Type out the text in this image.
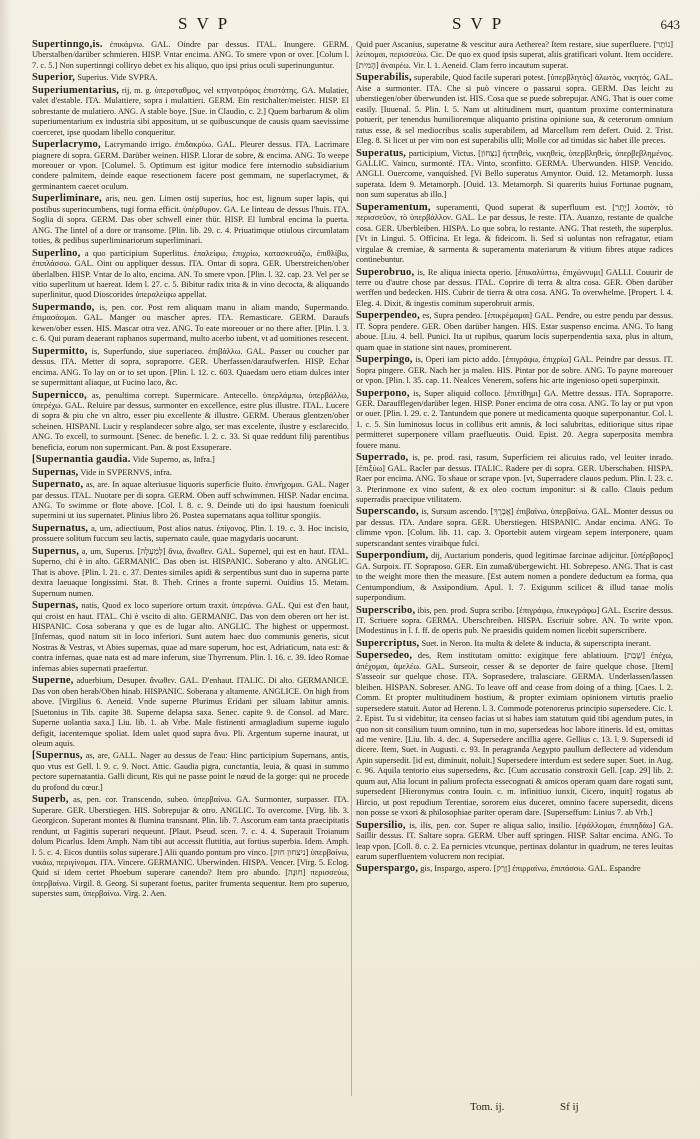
SVP	SVP	643

Supertinngo,is. ἐπικάμνω. GAL. Oindre par dessus. ITAL. Inungere. GERM. Uberstalben/darüber schmieren. HISP. Vntar encima. ANG. To smere vpon or over. [Colum l. 7. c. 5.] Non supertinngi colliryo debet ex his aliquo, quo ipsi prius oculi superinunguntur.

Superior, Superius. Vide SVPRA.

Superiumentarius, rij, m. g. ὑπερσταθμος, vel κτηνοτρόφος ἐπιστάτης. GA. Mulatier, valet d'estable. ITA. Mulattiere, sopra i mulattieri. GERM. Ein restchalter/meister. HISP. El sobrestante de mulatiero. ANG. A stable boye. [Sue. in Claudio, c. 2.] Quem barbarum & olim superiumentarium ex industria sibi appositum, ut se quibuscunque de causis quam saevissime coerceret, ipse quodam libello conqueritur.

Superlacrymo, Lacrymando irrigo. ἐπιδακρύω. GAL. Pleurer dessus. ITA. Lacrimare piagnere di sopra. GERM. Darüber weinen. HISP. Llorar de sobre, & encima. ANG. To weepe moreouer or vpon. [Columel. 5. Optimum est igitur modice fere internodio subsidiarium condere palmitem, deinde eaque resectionem facere post gemmam, ne superlacrymet, & germinantem caecet oculum.

Superliminare, aris, neu. gen. Limen ostij superius, hoc est, lignum super lapis, qui postibus superincumbens, tugi forma efficit. ὑπέρθυρον. GA. Le linteau de dessus l'huis. ITA. Soglia di sopra. GERM. Das ober schwell einer thür. HISP. El lumbral encima la puerta. ANG. The lintel of a dore or transome. [Plin. lib. 29. c. 4. Priuatimque otiulous circumlatam toties, & pedibus superliminariorum superliminari.

Superlino, a quo participium Superlitus. ἐπαλείφω, ἐπιχρίω, κατασκευάζω, ἐπιθλίβω, ἐπιπλάσσω. GAL. Oint ou appliquer dessus. ITA. Ontar di sopra. GER. Uberstreichen/ober überlalben. HISP. Vntar de lo alto, encima. AN. To smere vpon. [Plin. l. 32. cap. 23. Vel per se vitio superlitum ut haereat. Idem l. 27. c. 5. Bibitur radix trita & in vino decocta, & aliquando superlinitur, quod Dioscorides ὑπεραλείφω appellat.

Supermando, is, pen. cor. Post rem aliquam manu in aliam mando, Supermando. ἐπιμασάομαι. GAL. Manger ou mascher apres. ITA. Remasticare. GERM. Daraufs kewen/ober essen. HIS. Mascar otra vez. ANG. To eate moreouer or no there after. [Plin. l. 3. c. 6. Qui puram deaerant raphanos supermand, multo acerbo iubent, vt ad uomitiones resecent.

Supermitto, is, Superfundo, siue superiaceo. ἐπιβάλλω. GAL. Passer ou coucher par dessus. ITA. Metter di sopra, sopraporre. GER. Uberfassen/daraufwerfen. HISP. Echar encima. ANG. To lay on or to set upon. [Plin. l. 12. c. 603. Quaedam uero etiam dulces inter se supermittant aliaque, ut Fucino laco, &c.

Supernicco, as, penultima corrept. Supermicare. Antecello. ὑπερλάμπω, ὑπερβάλλω, ὑπερέχω. GAL. Reluire par dessus, surmonter en excellence, estre plus illustre. ITAL. Lucere di sopra & piu che vn altro, esser piu excellente & illustre. GERM. Uberaus glentzen/ober scheinen. HISPANI. Lucir y resplandecer sobre algo, ser mas excelente, ilustre y esclarecido. ANG. To excell, to surmount. [Senec. de benefic. l. 2. c. 33. Si quae reddunt filij parentibus beneficia, eorum non supermicant. Pan. & post Exsuperare.

[Supernantia gaudia. Vide Superno, as, Infra.]

Supernas, Vide in SVPERNVS, infra.

Supernato, as, are. In aquae alteriusue liquoris superficie fluito. ἐπινήχομαι. GAL. Nager par dessus. ITAL. Nuotare per di sopra. GERM. Oben auff schwimmen. HISP. Nadar encima. ANG. To swimme or flote above. [Col. l. 8. c. 9. Deinde uti do ipsi haustum foeniculi supermini ut ius supernatet. Plinius libro 26. Postea supernatans aqua tollitur spongiis.

Supernatus, a, um, adiectiuum, Post alios natus. ἐπίγονος. Plin. l. 19. c. 3. Hoc incisio, prossuere solitum fuccum seu lactis, supernato caule, quae magydaris uocarunt.

Supernus, a, um, Superus. [לְמַעְלָה] ἄνω, ἄνωθεν. GAL. Supernel, qui est en haut. ITAL. Superno, chi è in alto. GERMANIC. Das oben ist. HISPANIC. Soberano y alto. ANGLIC. That is above. [Plin. l. 21. c. 37. Dentes similes apidi & serpentibus sunt duo in superna parte dextra laeuaque longissimi. Stat. 8. Theb. Crines a fronte superni. Ouidius 15. Metam. Supernum numen.

Supernas, natis, Quod ex loco superiore ortum traxit. ὑπεράνω. GAL. Qui est d'en haut, qui croist en haut. ITAL. Chi è vscito di alto. GERMANIC. Das von dem oberen ort her ist. HISPANIC. Cosa soberana y que es de lugar alto. ANGLIC. The highest or uppermost. [Infernas, quod natum sit in loco inferiori. Sunt autem haec duo communis generis, sicut Nostras & Vestras, vt Abies supernas, quae ad mare superum, hoc est, Adriaticum, nata est: & contra infernas, quae nata est ad mare inferum, siue Thyrrenum. Plin. l. 16. c. 39. Ideo Romae infernas abies supernati praefertur.

Superne, aduerbium, Desuper. ἄνωθεν. GAL. D'enhaut. ITALIC. Di alto. GERMANICE. Das von oben herab/Oben hinab. HISPANIC. Soberana y altamente. ANGLICE. On high from above. [Virgilius 6. Aeneid. Vnde superne Plurimus Eridani per siluam labitur amnis. [Suetonius in Tib. capite 38. Superne delapsa saxa. Senec. capite 9. de Consol. ad Marc. Superne uolantia saxa.] Liu. lib. 1. ab Vrbe. Male fistinenti armagladium superne iugulo defigit, iacentemque spoliat. Idem ualet quod supra ἄνω. Pli. Argentum superne inaurat, ut oleum aquis.

[Supernus, as, are, GALL. Nager au dessus de l'eau: Hinc participium Supernans, antis, quo vtus est Gell. l. 9. c. 9. Noct. Attic. Gaudia pigra, cunctantia, leuia, & quasi in summo pectore supernatantia. Galli dicunt, Ris qui ne passe point le nœud de la gorge: qui ne procede du profond du cœur.]

Superb, as, pen. cor. Transcendo, subeo. ὑπερβαίνω. GA. Surmonter, surpasser. ITA. Superare. GER. Uberstiegen. HIS. Sobrepujar & otro. ANGLIC. To overcome. [Virg. lib. 3. Georgicon. Superant montes & flumina transnant. Plin. lib. 7. Ascorum eam tanta praecipitatis rendunt, ut Fagittis superari nequeunt. [Plaut. Pseud. scen. 7. c. 4. 4. Superauit Troianum dolum Picarlus. Idem Amph. Nam tibi aut accessit fluttitia, aut fortius superbia. Idem. Amph. l. 5. c. 4. Eicos duntiis solus superare.] Alii quando pontum pro vinco. [ניצחון חזק] ὑπερβαίνω, νικάω, περιγίνομαι. ITA. Vincere. GERMANIC. Uberwinden. HISPA. Vencer. [Virg. 5. Eclog. Quid si idem certet Phoebum superare canendo? Item pro abundo. [חוּנָה] περισσεύω, ὑπερβαίνω. Virgil. 8. Georg. Si superant foetus, pariter frumenta sequentur. Item pro superuo, superstes sum, ὑπερβαίνω. Virg. 2. Aen.

Quid puer Ascanius, superatne & vescitur aura Aetherea? Item restare, siue superfluere. [נוֹתָר] λείπομαι, περισσεύω. Cic. De quo ex quod ipsis superat, aliis gratificari volunt. Item occidere. [הָמִית] ἀναιρέω. Vir. l. 1. Aeneid. Clam ferro incautum superat.

Superabilis, superabile, Quod facile superari potest. [ὑπερβλητός] ἁλωτὸς, νικητός. GAL. Aise a surmonter. ITA. Che si può vincere o passarui sopra. GERM. Das leicht zu uberstiegen/ober überwunden ist. HIS. Cosa que se puede sobrepujar. ANG. That is ouer come easily. [Iuuenal. 5. Plin. l. 5. Nam ut altitudinem murt, quantum proxime conterminatura potuerit, per tenendus humilioremque aliquanto pristina opinione sua, & ceterorum omnium ratus esse, & sel mediocribus scalis superabilem, ad Marcellum rem defert. Ouid. 2. Trist. Eleg. 8. Si licet ut per vim non est superabilis ulli; Molle cor ad timidas sic habet ille preces.

Superatus, participium, Victus. [נִצְּחוֹן] ἡττηθεὶς, νικηθεὶς, ὑπερβληθεὶς, ὑπερβεβλημένος. GALLIC. Vaincu, surmonté. ITA. Vinto, sconfitto. GERMA. Uberwunden. HISP. Vencido. ANGLI. Ouercome, vanquished. [Vi Bello superatus Amyntor. Ouid. 12. Metamorph. Iussa superata. Idem 9. Metamorph. [Ouid. 13. Metamorph. Si quarerits huius Fortunae pugnam, non sum superatus ab illo.]

Superamentum, superamenti, Quod superat & superfluum est. [יֶתֶר] λοιπὸν, τὸ περισσεῦον, τὸ ὑπερβάλλον. GAL. Le par dessus, le reste. ITA. Auanzo, restante de qualche cosa. GER. Uberbleiben. HISPA. Lo que sobra, lo restante. ANG. That resteth, the superplus. [Vt in Lingui. 5. Officina. Et lega. & fideicom. li. Sed si uoluntas non refragatur, etiam virgulae & cremiae, & sarmenta & superamenta materiarum & vitium fibres atque radices continebuntur.

Superobruo, is, Re aliqua iniecta operio. [ἐπικαλύπτω, ἐπιχώννυμι] GALLI. Couurir de terre ou d'autre chose par dessus. ITAL. Coprire di terra & altra cosa. GER. Oben darüber werffen und bedecken. HIS. Cubrir de tierra & otra cosa. ANG. To overwhelme. [Propert. l. 4. Eleg. 4. Dixit, & ingestis comitum superobruit armis.

Superpendeo, es, Supra pendeo. [ἐπικρέμαμαι] GAL. Pendre, ou estre pendu par dessus. IT. Sopra pendere. GER. Oben darüber hangen. HIS. Estar suspenso encima. ANG. To hang aboue. [Liu. 4. bell. Punici. Ita ut rupibus, quarum locis superpendentia saxa, plus in altum, quam quae in statione sint naues, prominerent.

Superpingo, is, Operi iam picto addo. [ἐπιγράφω, ἐπιχρίω] GAL. Peindre par dessus. IT. Sopra pingere. GER. Nach her ja malen. HIS. Pintar por de sobre. ANG. To payne moreouer or vpon. [Plin. l. 35. cap. 11. Nealces Venerem, sofens hic arte ingenioso opeti superpinxit.

Superpono, is, Super aliquid colloco. [ἐπιτίθημι] GA. Mettre dessus. ITA. Sopraporre. GER. Daraufflegen/darüber legen. HISP. Poner encima de otra cosa. ANG. To lay or put vpon or ouer. [Plin. l. 29. c. 2. Tantundem que ponere ut medicamenta quoque superponantur. Col. l. 1. c. 5. Sin luminosus locus in collibus erit amnis, & loci salubritas, editiorique situs ripae permitteret superponere villam praeflueutis. Ouid. Epist. 20. Aegra superposita membra fouere manu.

Superrado, is, pe. prod. rasi, rasum, Superficiem rei alicuius rado, vel leuiter inrado. [ἐπιξύω] GAL. Racler par dessus. ITALIC. Radere per di sopra. GER. Uberschaben. HISPA. Raer por encima. ANG. To shaue or scrape vpon. [vt, Superradere clauos pedum. Plin. l. 23. c. 3. Pterinmone ex vino sufent, & ex oleo coctum imponitur: si & callo. Clauis pedum superradis praecipue vtilitatem.

Superscando, is, Sursum ascendo. [אֲבָרֶךְ] ἐπιβαίνω, ὑπερβαίνω. GAL. Monter dessus ou par dessus. ITA. Andare sopra. GER. Uberstiegen. HISPANIC. Andar encima. ANG. To climme vpon. [Colum. lib. 11. cap. 3. Oportebit autem virgeam sepem interponere, quam superscandant sentes viraibque fulci.

Superpondium, dij, Auctarium ponderis, quod legitimae farcinae adijcitur. [ὑπέρβαρος] GA. Surpoix. IT. Sopraposo. GER. Ein zumaß/übergewicht. HI. Sobrepeso. ANG. That is cast to the weight more then the measure. [Est autem nomen a pondere deductum ea forma, qua Centumpondium, & Assipondium. Apul. l. 7. Exigunm scilicet & illud tanae molis superpondium.

Superscribo, ibis, pen. prod. Supra scribo. [ἐπιγράφω, ἐπικεγράφω] GAL. Escrire dessus. IT. Scriuere sopra. GERMA. Uberschreiben. HISPA. Escriuir sobre. AN. To write vpon. [Modestinus in l. f. ff. de operis pub. Ne praesidis quidem nomen licebit superscribere.

Supercriptus, Suet. in Neron. Ita multa & delete & inducta, & superscripta inerant.

Supersedeo, des, Rem institutam omitto: exigitque fere ablatiuum. [שָׁבַת] ἐπέχω, ἀπέχομαι, ἀμελέω. GAL. Surseoir, cesser & se deporter de faire quelque chose. [Item] S'asseoir sur quelque chose. ITA. Soprasedere, tralasciare. GERMA. Underlassen/lassen bleiben. HISPAN. Sobreser. ANG. To leave off and cease from doing of a thing. [Caes. l. 2. Comm. Et propter multitudinem hostium, & propter eximiam opinionem virtutis praelio supersedere statuit. Autor ad Herenn. l. 3. Commode potenorerus principio supersedere. Cic. l. 2. Epist. Tu si videbitur, ita censeo facias ut si habes iam statutum quid tibi agendum putes, in quo non sit consilium tuum omnino, tum in mo, supersedeas hoc labore itineris. Id est, omittas ad me venire. [Liu. lib. 4. dec. 4. Supersedere ancillia agere. Gellius c. 13. l. 9. Supersedi id dicere. Item, Suet. in Augusti. c. 93. In peragranda Aegypto paullum deflectere ad videndum Apin supersedit. [id est, diminuit, noluit.] Supersedere interdum est sedere super. Suet. in Aug. c. 96. Aquila tentorio eius supersedens, &c. [Cum accusatio constroxit Gell. [cap. 29] lib. 2. quum aut, Alia locunt in palium profecta essecognati & amicos operam quam dare rogati sunt, supersedent [Hieronymus contra Iouin. c. m. infinitiuo iunxit, Cicero, inquit] rogatus ab Hircio, ut post repudium Terentiae, sororem eius duceret, omnino facere supersedit, dicens non posse se vxori & philosophiae pariter operam dare. [Superseffum: Linius 7. ab Vrb.]

Supersilio, is, ilis, pen. cor. Super re aliqua salio, insilio. [ἐφάλλομαι, ἐπιπηδάω] GA. Saillir dessus. IT. Saltare sopra. GERM. Uber auff springen. HISP. Saltar encima. ANG. To leap vpon. [Coll. 8. c. 2. Ea pernicies vtcunque, pertinax dolantur in quadrum, ne teres leuitas earum superfluentem volucrem non recipiat.

Superspargo, gis, Inspargo, aspero. [זָרַק] ἐπιρραίνω, ἐπιπάσσω. GAL. Espandre

Tom. ij.	Sf ij
